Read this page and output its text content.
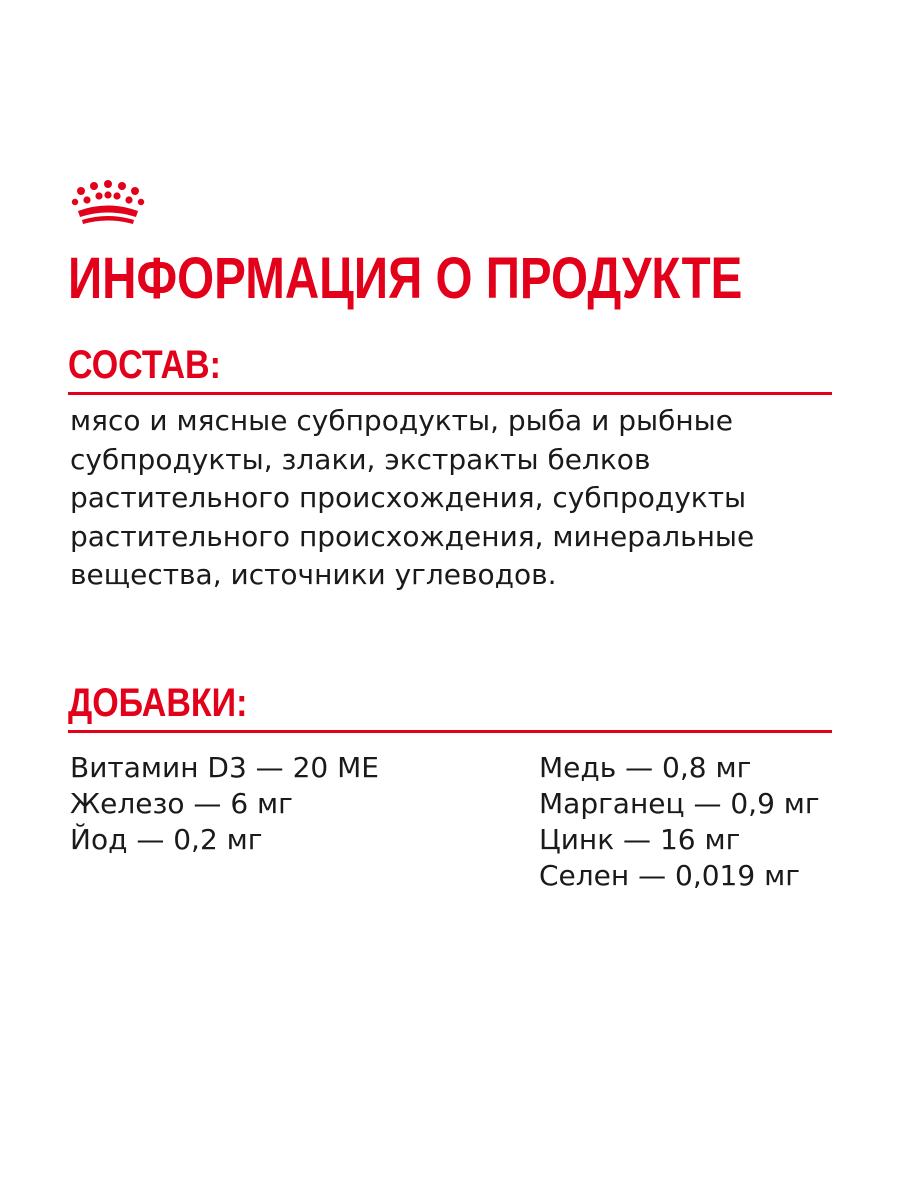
ИНФОРМАЦИЯ О ПРОДУКТЕ
СОСТАВ:

мясо и мясные субпродукты, рыба и рыбные субпродукты, злаки, экстракты белков растительного происхождения, субпродукты растительного происхождения, минеральные вещества, источники углеводов.

ДОБАВКИ:
Витамин D3 — 20 МЕ
Железо — 6 мг
Йод — 0,2 мг
Медь — 0,8 мг
Марганец — 0,9 мг
Цинк — 16 мг
Селен — 0,019 мг
